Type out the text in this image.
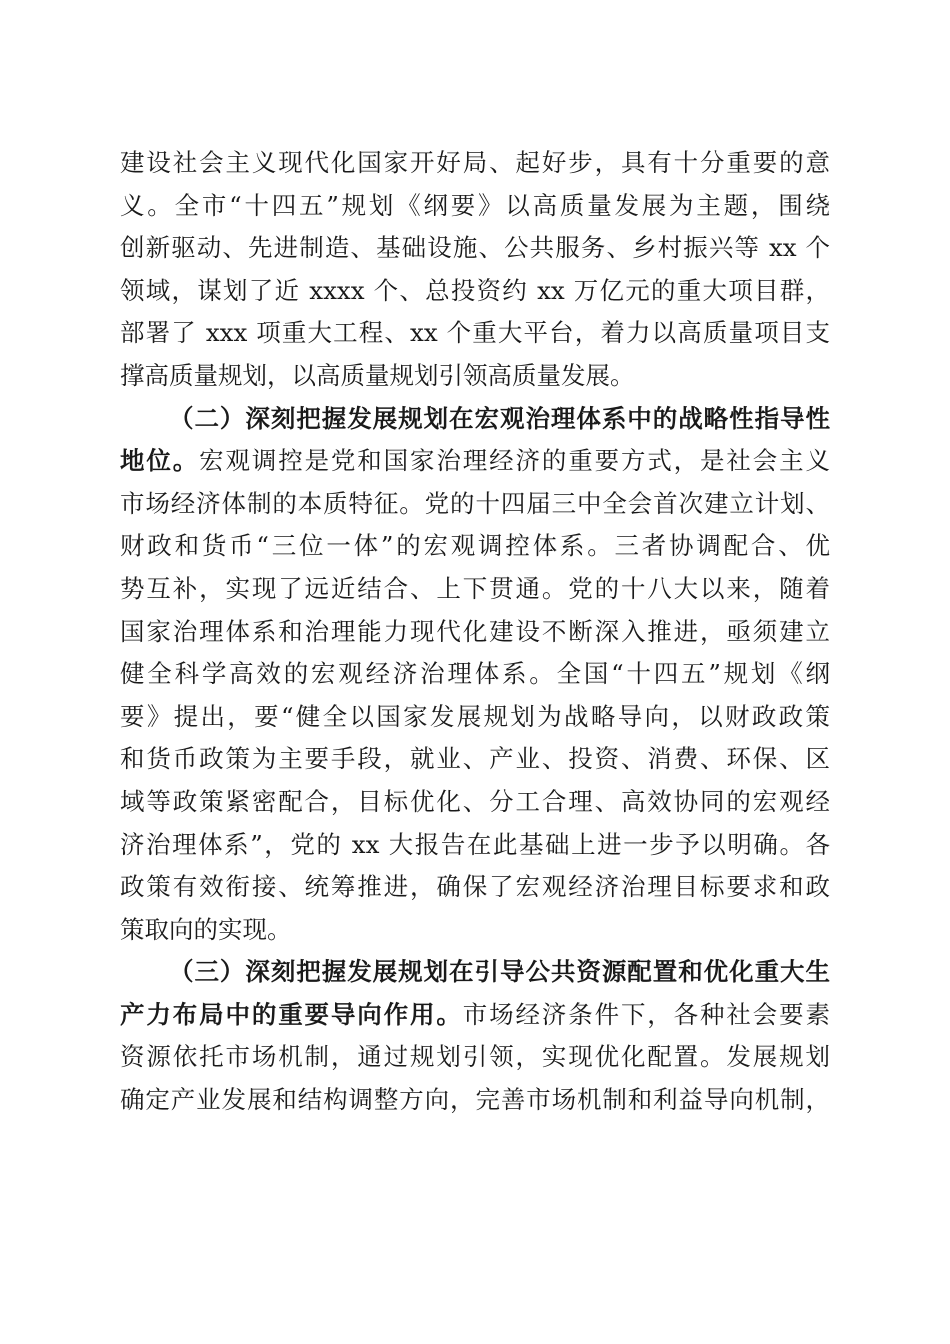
建设社会主义现代化国家开好局、起好步，具有十分重要的意
义。全市“十四五”规划《纲要》以高质量发展为主题，围绕
创新驱动、先进制造、基础设施、公共服务、乡村振兴等 xx 个
领域，谋划了近 xxxx 个、总投资约 xx 万亿元的重大项目群，
部署了 xxx 项重大工程、xx 个重大平台，着力以高质量项目支
撑高质量规划，以高质量规划引领高质量发展。
（二）深刻把握发展规划在宏观治理体系中的战略性指导性
地位。宏观调控是党和国家治理经济的重要方式，是社会主义
市场经济体制的本质特征。党的十四届三中全会首次建立计划、
财政和货币“三位一体”的宏观调控体系。三者协调配合、优
势互补，实现了远近结合、上下贯通。党的十八大以来，随着
国家治理体系和治理能力现代化建设不断深入推进，亟须建立
健全科学高效的宏观经济治理体系。全国“十四五”规划《纲
要》提出，要“健全以国家发展规划为战略导向，以财政政策
和货币政策为主要手段，就业、产业、投资、消费、环保、区
域等政策紧密配合，目标优化、分工合理、高效协同的宏观经
济治理体系”，党的 xx 大报告在此基础上进一步予以明确。各
政策有效衔接、统筹推进，确保了宏观经济治理目标要求和政
策取向的实现。
（三）深刻把握发展规划在引导公共资源配置和优化重大生
产力布局中的重要导向作用。市场经济条件下，各种社会要素
资源依托市场机制，通过规划引领，实现优化配置。发展规划
确定产业发展和结构调整方向，完善市场机制和利益导向机制，
